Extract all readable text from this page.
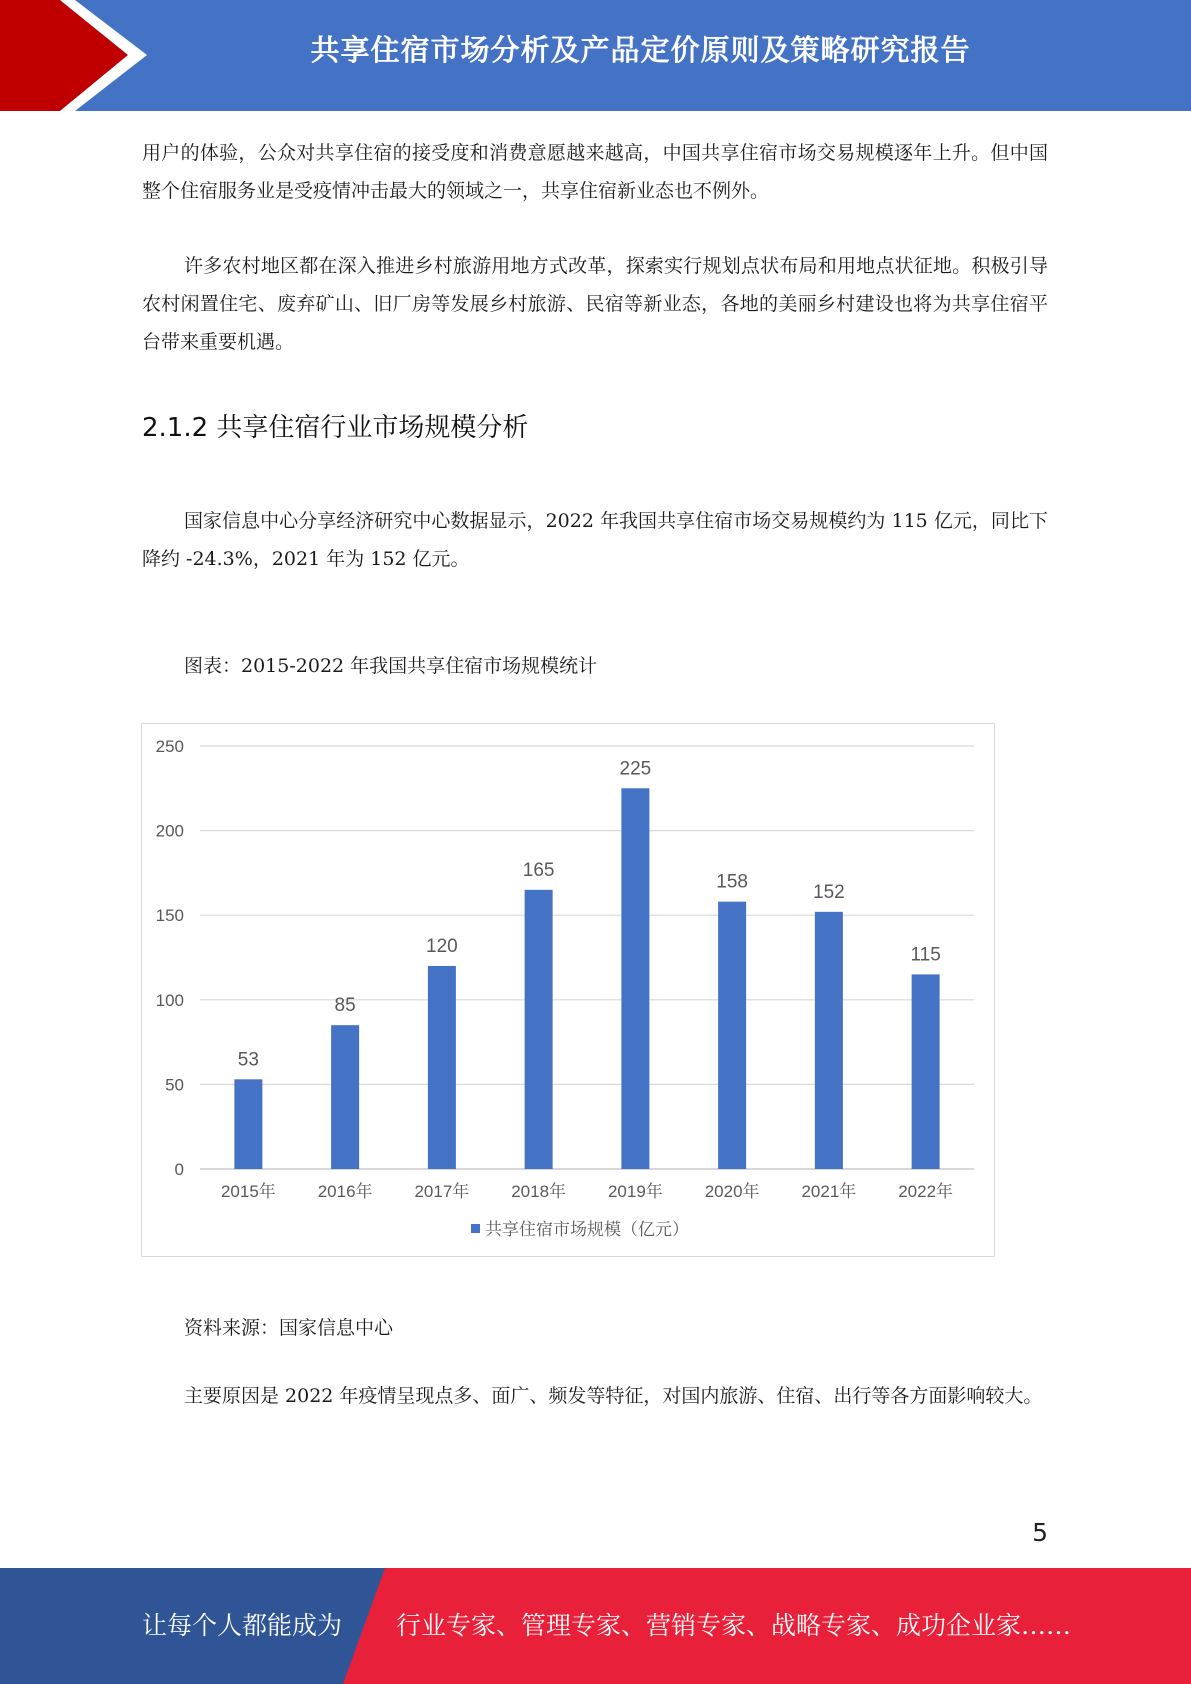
共享住宿市场分析及产品定价原则及策略研究报告

用户的体验，公众对共享住宿的接受度和消费意愿越来越高，中国共享住宿市场交易规模逐年上升。但中国整个住宿服务业是受疫情冲击最大的领域之一，共享住宿新业态也不例外。

许多农村地区都在深入推进乡村旅游用地方式改革，探索实行规划点状布局和用地点状征地。积极引导农村闲置住宅、废弃矿山、旧厂房等发展乡村旅游、民宿等新业态，各地的美丽乡村建设也将为共享住宿平台带来重要机遇。

2.1.2 共享住宿行业市场规模分析

国家信息中心分享经济研究中心数据显示，2022 年我国共享住宿市场交易规模约为 115 亿元，同比下降约 -24.3%，2021 年为 152 亿元。

图表：2015-2022 年我国共享住宿市场规模统计

0
50
100
150
200
250
53
2015年
85
2016年
120
2017年
165
2018年
225
2019年
158
2020年
152
2021年
115
2022年
共享住宿市场规模（亿元）

资料来源：国家信息中心

主要原因是 2022 年疫情呈现点多、面广、频发等特征，对国内旅游、住宿、出行等各方面影响较大。

5
让每个人都能成为 行业专家、管理专家、营销专家、战略专家、成功企业家……
